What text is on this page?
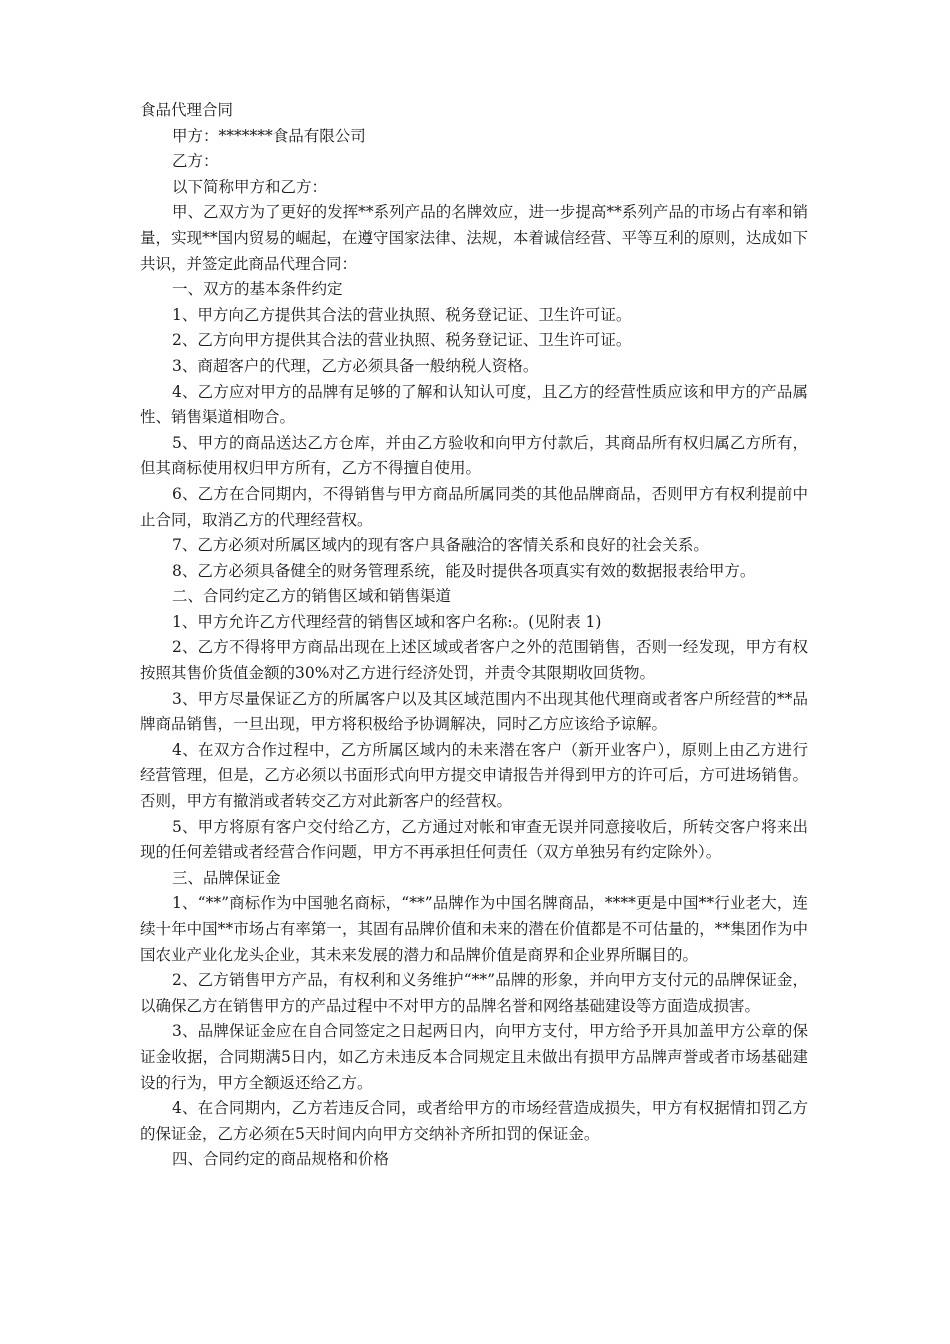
食品代理合同

甲方：*******食品有限公司

乙方：

以下简称甲方和乙方：

甲、乙双方为了更好的发挥**系列产品的名牌效应，进一步提高**系列产品的市场占有率和销量，实现**国内贸易的崛起，在遵守国家法律、法规，本着诚信经营、平等互利的原则，达成如下共识，并签定此商品代理合同：

一、双方的基本条件约定

1、甲方向乙方提供其合法的营业执照、税务登记证、卫生许可证。

2、乙方向甲方提供其合法的营业执照、税务登记证、卫生许可证。

3、商超客户的代理，乙方必须具备一般纳税人资格。

4、乙方应对甲方的品牌有足够的了解和认知认可度，且乙方的经营性质应该和甲方的产品属性、销售渠道相吻合。

5、甲方的商品送达乙方仓库，并由乙方验收和向甲方付款后，其商品所有权归属乙方所有，但其商标使用权归甲方所有，乙方不得擅自使用。

6、乙方在合同期内，不得销售与甲方商品所属同类的其他品牌商品，否则甲方有权利提前中止合同，取消乙方的代理经营权。

7、乙方必须对所属区域内的现有客户具备融洽的客情关系和良好的社会关系。

8、乙方必须具备健全的财务管理系统，能及时提供各项真实有效的数据报表给甲方。

二、合同约定乙方的销售区域和销售渠道

1、甲方允许乙方代理经营的销售区域和客户名称:。(见附表 1)

2、乙方不得将甲方商品出现在上述区域或者客户之外的范围销售，否则一经发现，甲方有权按照其售价货值金额的30%对乙方进行经济处罚，并责令其限期收回货物。

3、甲方尽量保证乙方的所属客户以及其区域范围内不出现其他代理商或者客户所经营的**品牌商品销售，一旦出现，甲方将积极给予协调解决，同时乙方应该给予谅解。

4、在双方合作过程中，乙方所属区域内的未来潜在客户（新开业客户），原则上由乙方进行经营管理，但是，乙方必须以书面形式向甲方提交申请报告并得到甲方的许可后，方可进场销售。否则，甲方有撤消或者转交乙方对此新客户的经营权。

5、甲方将原有客户交付给乙方，乙方通过对帐和审查无误并同意接收后，所转交客户将来出现的任何差错或者经营合作问题，甲方不再承担任何责任（双方单独另有约定除外）。

三、品牌保证金

1、“**”商标作为中国驰名商标，“**”品牌作为中国名牌商品，****更是中国**行业老大，连续十年中国**市场占有率第一，其固有品牌价值和未来的潜在价值都是不可估量的，**集团作为中国农业产业化龙头企业，其未来发展的潜力和品牌价值是商界和企业界所瞩目的。

2、乙方销售甲方产品，有权利和义务维护“**”品牌的形象，并向甲方支付元的品牌保证金，以确保乙方在销售甲方的产品过程中不对甲方的品牌名誉和网络基础建设等方面造成损害。

3、品牌保证金应在自合同签定之日起两日内，向甲方支付，甲方给予开具加盖甲方公章的保证金收据，合同期满5日内，如乙方未违反本合同规定且未做出有损甲方品牌声誉或者市场基础建设的行为，甲方全额返还给乙方。

4、在合同期内，乙方若违反合同，或者给甲方的市场经营造成损失，甲方有权据情扣罚乙方的保证金，乙方必须在5天时间内向甲方交纳补齐所扣罚的保证金。

四、合同约定的商品规格和价格
